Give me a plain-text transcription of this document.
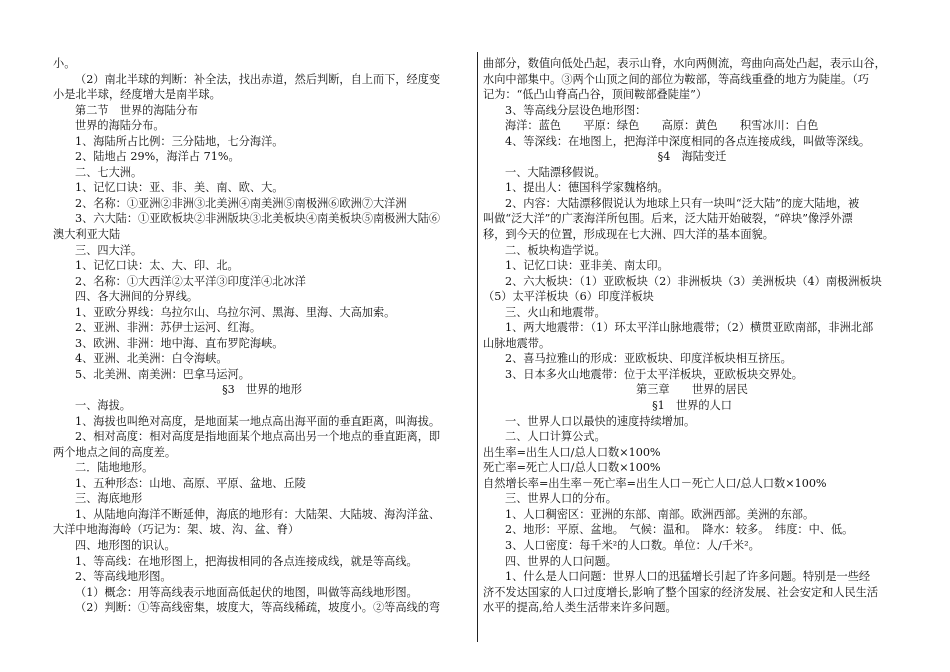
小。
（2）南北半球的判断：补全法，找出赤道，然后判断，自上而下，经度变
小是北半球，经度增大是南半球。
第二节　世界的海陆分布
世界的海陆分布。
1、海陆所占比例：三分陆地，七分海洋。
2、陆地占 29%，海洋占 71%。
二、七大洲。
1、记忆口诀：亚、非、美、南、欧、大。
2、名称：①亚洲②非洲③北美洲④南美洲⑤南极洲⑥欧洲⑦大洋洲
3、六大陆：①亚欧板块②非洲版块③北美板块④南美板块⑤南极洲大陆⑥
澳大利亚大陆
三、四大洋。
1、记忆口诀：太、大、印、北。
2、名称：①大西洋②太平洋③印度洋④北冰洋
四、各大洲间的分界线。
1、亚欧分界线：乌拉尔山、乌拉尔河、黑海、里海、大高加索。
2、亚洲、非洲：苏伊士运河、红海。
3、欧洲、非洲：地中海、直布罗陀海峡。
4、亚洲、北美洲：白令海峡。
5、北美洲、南美洲：巴拿马运河。
§3　世界的地形
一、海拔。
1、海拔也叫绝对高度，是地面某一地点高出海平面的垂直距离，叫海拔。
2、相对高度：相对高度是指地面某个地点高出另一个地点的垂直距离，即
两个地点之间的高度差。
二．陆地地形。
1、五种形态：山地、高原、平原、盆地、丘陵
三、海底地形
1、从陆地向海洋不断延伸，海底的地形有：大陆架、大陆坡、海沟洋盆、
大洋中地海海岭（巧记为：架、坡、沟、盆、脊）
四、地形图的识认。
1、等高线：在地形图上，把海拔相同的各点连接成线，就是等高线。
2、等高线地形图。
（1）概念：用等高线表示地面高低起伏的地图，叫做等高线地形图。
（2）判断：①等高线密集，坡度大，等高线稀疏，坡度小。②等高线的弯
曲部分，数值向低处凸起，表示山脊，水向两侧流，弯曲向高处凸起，表示山谷，
水向中部集中。③两个山顶之间的部位为鞍部，等高线重叠的地方为陡崖。（巧
记为：“低凸山脊高凸谷，顶间鞍部叠陡崖”）
3、等高线分层设色地形图：
海洋：蓝色　　平原：绿色　　高原：黄色　　积雪冰川：白色
4、等深线：在地图上，把海洋中深度相同的各点连接成线，叫做等深线。
§4　海陆变迁
一、大陆漂移假说。
1、提出人：德国科学家魏格纳。
2、内容：大陆漂移假说认为地球上只有一块叫“泛大陆”的庞大陆地，被
叫做“泛大洋”的广袤海洋所包围。后来，泛大陆开始破裂，“碎块”像浮外漂
移，到今天的位置，形成现在七大洲、四大洋的基本面貌。
二、板块构造学说。
1、记忆口诀：亚非美、南太印。
2、六大板块：（1）亚欧板块（2）非洲板块（3）美洲板块（4）南极洲板块
（5）太平洋板块（6）印度洋板块
三、火山和地震带。
1、两大地震带：（1）环太平洋山脉地震带；（2）横贯亚欧南部，非洲北部
山脉地震带。
2、喜马拉雅山的形成：亚欧板块、印度洋板块相互挤压。
3、日本多火山地震带：位于太平洋板块，亚欧板块交界处。
第三章　　世界的居民
§1　世界的人口
一、世界人口以最快的速度持续增加。
二、人口计算公式。
出生率=出生人口/总人口数×100%
死亡率=死亡人口/总人口数×100%
自然增长率=出生率－死亡率=出生人口－死亡人口/总人口数×100%
三、世界人口的分布。
1、人口稠密区：亚洲的东部、南部。欧洲西部。美洲的东部。
2、地形：平原、盆地。　气候：温和。　降水：较多。　纬度：中、低。
3、人口密度：每千米²的人口数。单位：人/千米²。
四、世界的人口问题。
1、什么是人口问题：世界人口的迅猛增长引起了许多问题。特别是一些经
济不发达国家的人口过度增长,影响了整个国家的经济发展、社会安定和人民生活
水平的提高,给人类生活带来许多问题。
